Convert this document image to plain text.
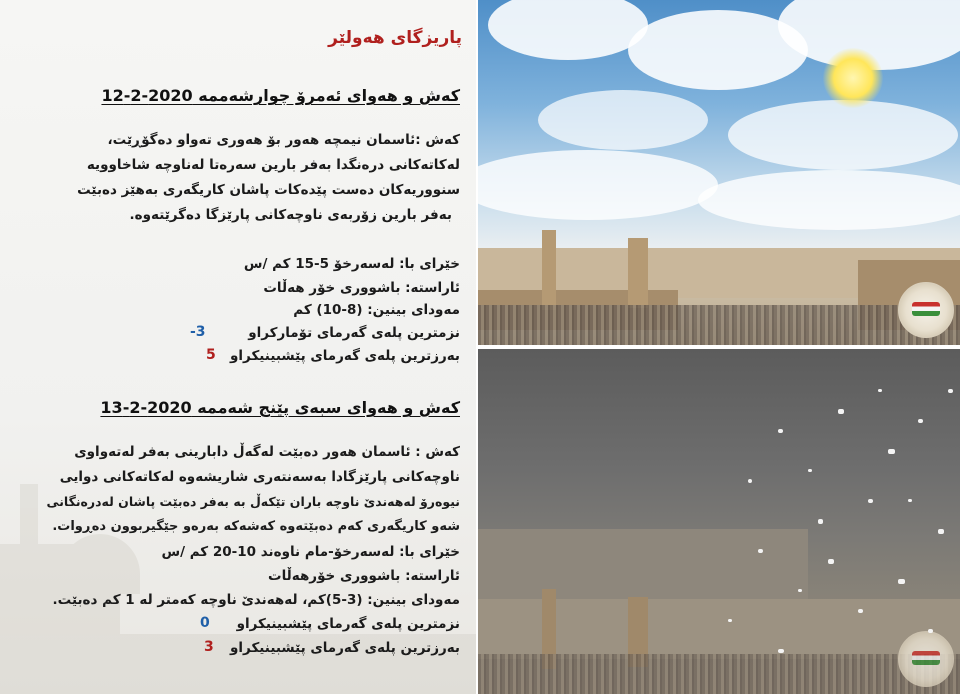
پاریزگای هەولێر
کەش و هەوای ئەمرۆ چوارشەممە 2020-2-12
کەش :ئاسمان نیمچە هەور بۆ هەوری تەواو دەگۆڕێت،
لەکاتەکانی درەنگدا بەفر بارین سەرەتا لەناوچە شاخاوویە
سنووریەکان دەست پێدەکات پاشان کاریگەری بەهێز دەبێت
بەفر بارین زۆربەی ناوچەکانی پارێزگا دەگرێتەوە.
خێرای با: لەسەرخۆ 5-15 کم /س
ئاراستە: باشووری خۆر هەڵات
مەودای بینین: (8-10) کم
نزمترین پلەی گەرمای تۆمارکراو
-3
بەرزترین پلەی گەرمای پێشبینیکراو
5
کەش و هەوای سبەی پێنج شەممە 2020-2-13
کەش : ئاسمان هەور دەبێت لەگەڵ دابارینی بەفر لەتەواوی
ناوچەکانی پارێزگادا بەسەنتەری شاریشەوە لەکاتەکانی دوایی
نیوەرۆ لەهەندێ ناوچە باران تێکەڵ بە بەفر دەبێت پاشان لەدرەنگانی
شەو کاریگەری کەم دەبێتەوە کەشەکە بەرەو جێگیربوون دەڕوات.
خێرای با: لەسەرخۆ-مام ناوەند 10-20 کم /س
ئاراستە: باشووری خۆرهەڵات
مەودای بینین: (3-5)کم، لەهەندێ ناوچە کەمتر لە 1 کم دەبێت.
نزمترین پلەی گەرمای پێشبینیکراو
0
بەرزترین پلەی گەرمای پێشبینیکراو
3
